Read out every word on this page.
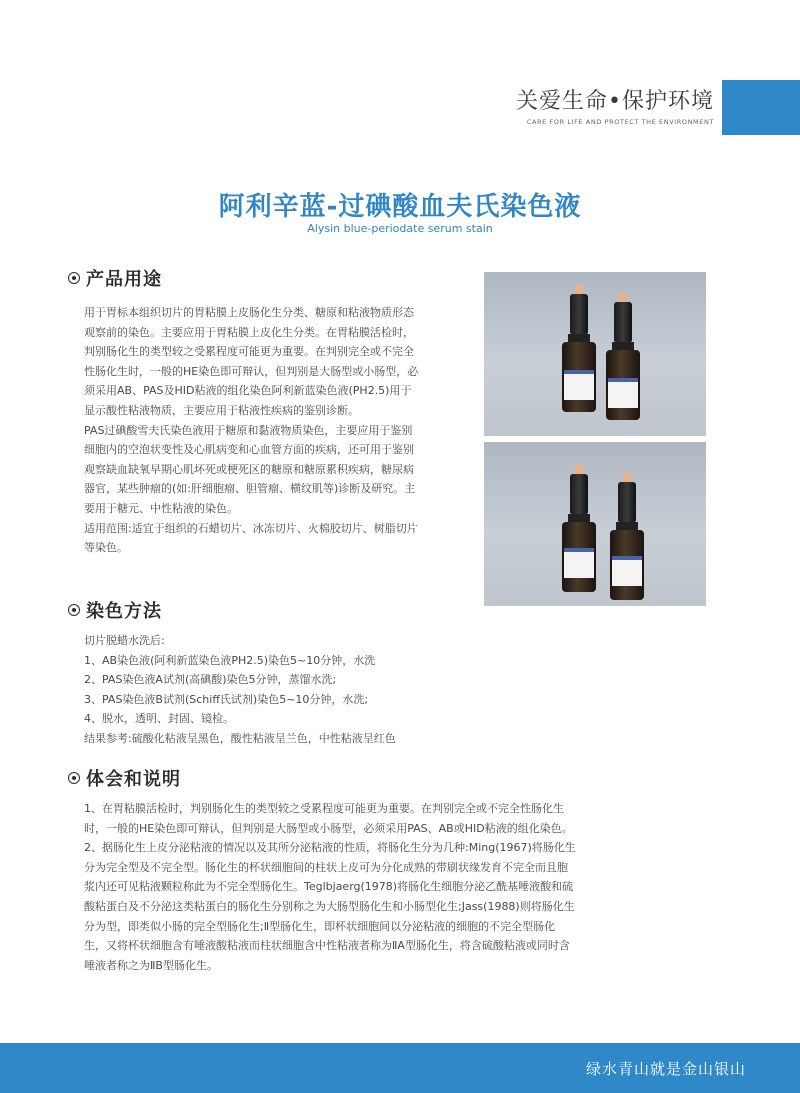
关爱生命•保护环境
CARE FOR LIFE AND PROTECT THE ENVIRONMENT
阿利辛蓝-过碘酸血夫氏染色液
Alysin blue-periodate serum stain
产品用途

用于胃标本组织切片的胃粘膜上皮肠化生分类、糖原和粘液物质形态观察前的染色。主要应用于胃粘膜上皮化生分类。在胃粘膜活检时，判别肠化生的类型较之受累程度可能更为重要。在判别完全或不完全性肠化生时，一般的HE染色即可辩认，但判别是大肠型或小肠型，必须采用AB、PAS及HID粘液的组化染色阿利新蓝染色液(PH2.5)用于显示酸性粘液物质，主要应用于粘液性疾病的鉴别诊断。

PAS过碘酸雪夫氏染色液用于糖原和黏液物质染色，主要应用于鉴别细胞内的空泡状变性及心肌病变和心血管方面的疾病，还可用于鉴别观察缺血缺氧早期心肌坏死或梗死区的糖原和糖原累积疾病，糖尿病器官，某些肿瘤的(如:肝细胞瘤、胆管瘤、横纹肌等)诊断及研究。主要用于糖元、中性粘液的染色。

适用范围:适宜于组织的石蜡切片、冰冻切片、火棉胶切片、树脂切片等染色。

染色方法

切片脱蜡水洗后:

1、AB染色液(阿利新蓝染色液PH2.5)染色5~10分钟，水洗

2、PAS染色液A试剂(高碘酸)染色5分钟，蒸馏水洗;

3、PAS染色液B试剂(Schiff氏试剂)染色5~10分钟，水洗;

4、脱水，透明、封固、镜检。

结果参考:硫酸化粘液呈黑色，酸性粘液呈兰色，中性粘液呈红色

体会和说明

1、在胃粘膜活检时，判别肠化生的类型较之受累程度可能更为重要。在判别完全或不完全性肠化生时，一般的HE染色即可辩认，但判别是大肠型或小肠型，必须采用PAS、AB或HID粘液的组化染色。

2、据肠化生上皮分泌粘液的情况以及其所分泌粘液的性质，将肠化生分为几种:Ming(1967)将肠化生分为完全型及不完全型。肠化生的杯状细胞间的柱状上皮可为分化成熟的带刷状缘发育不完全而且胞浆内还可见粘液颗粒称此为不完全型肠化生。Teglbjaerg(1978)将肠化生细胞分泌乙酰基唾液酸和硫酸粘蛋白及不分泌这类粘蛋白的肠化生分别称之为大肠型肠化生和小肠型化生;Jass(1988)则将肠化生分为型，即类似小肠的完全型肠化生;Ⅱ型肠化生，即杯状细胞间以分泌粘液的细胞的不完全型肠化生，又将杯状细胞含有唾液酸粘液而柱状细胞含中性粘液者称为ⅡA型肠化生，将含硫酸粘液或同时含唾液者称之为ⅡB型肠化生。

绿水青山就是金山银山
